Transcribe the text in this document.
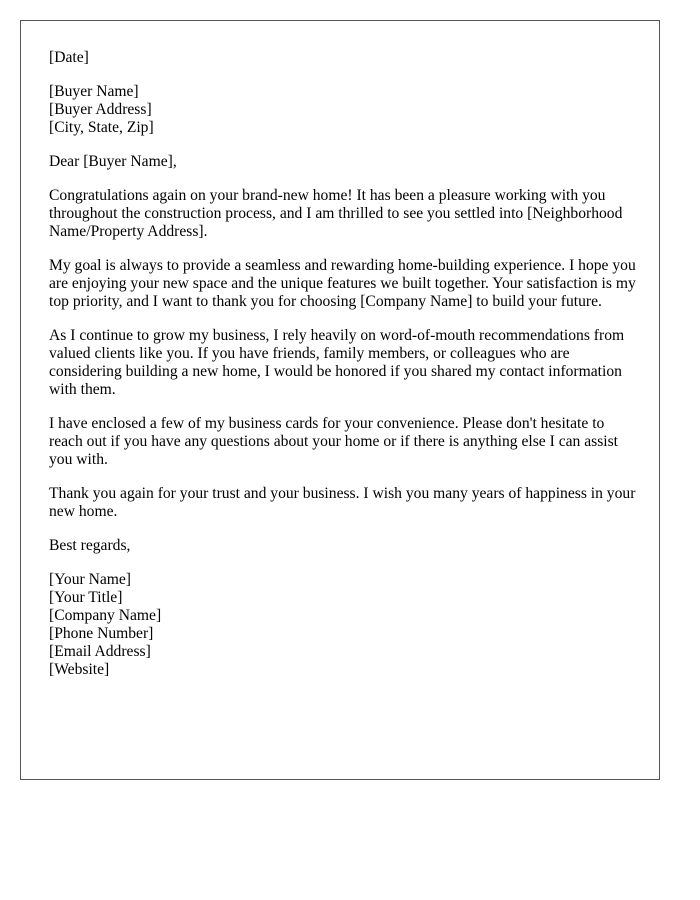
[Date]
[Buyer Name]
[Buyer Address]
[City, State, Zip]
Dear [Buyer Name],

Congratulations again on your brand-new home! It has been a pleasure working with you throughout the construction process, and I am thrilled to see you settled into [Neighborhood Name/Property Address].

My goal is always to provide a seamless and rewarding home-building experience. I hope you are enjoying your new space and the unique features we built together. Your satisfaction is my top priority, and I want to thank you for choosing [Company Name] to build your future.

As I continue to grow my business, I rely heavily on word-of-mouth recommendations from valued clients like you. If you have friends, family members, or colleagues who are considering building a new home, I would be honored if you shared my contact information with them.

I have enclosed a few of my business cards for your convenience. Please don't hesitate to reach out if you have any questions about your home or if there is anything else I can assist you with.

Thank you again for your trust and your business. I wish you many years of happiness in your new home.

Best regards,
[Your Name]
[Your Title]
[Company Name]
[Phone Number]
[Email Address]
[Website]
